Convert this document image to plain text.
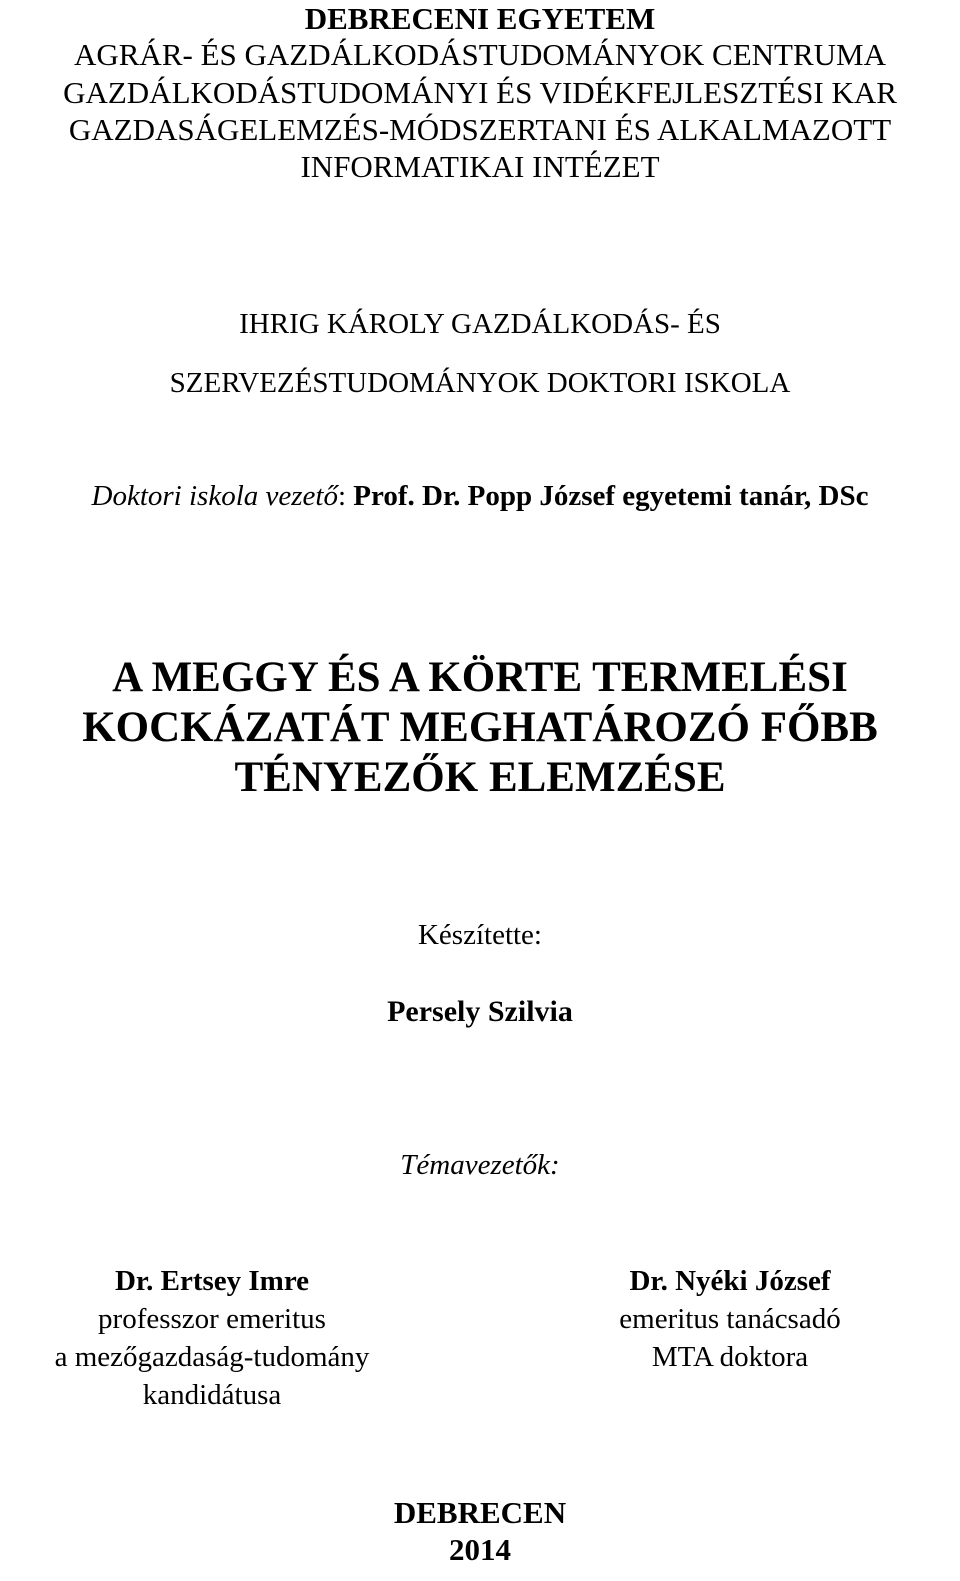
DEBRECENI EGYETEM
AGRÁR- ÉS GAZDÁLKODÁSTUDOMÁNYOK CENTRUMA
GAZDÁLKODÁSTUDOMÁNYI ÉS VIDÉKFEJLESZTÉSI KAR
GAZDASÁGELEMZÉS-MÓDSZERTANI ÉS ALKALMAZOTT
INFORMATIKAI INTÉZET
IHRIG KÁROLY GAZDÁLKODÁS- ÉS
SZERVEZÉSTUDOMÁNYOK DOKTORI ISKOLA
Doktori iskola vezető: Prof. Dr. Popp József egyetemi tanár, DSc
A MEGGY ÉS A KÖRTE TERMELÉSI
KOCKÁZATÁT MEGHATÁROZÓ FŐBB
TÉNYEZŐK ELEMZÉSE
Készítette:
Persely Szilvia
Témavezetők:
Dr. Ertsey Imre
professzor emeritus
a mezőgazdaság-tudomány
kandidátusa
Dr. Nyéki József
emeritus tanácsadó
MTA doktora
DEBRECEN
2014
